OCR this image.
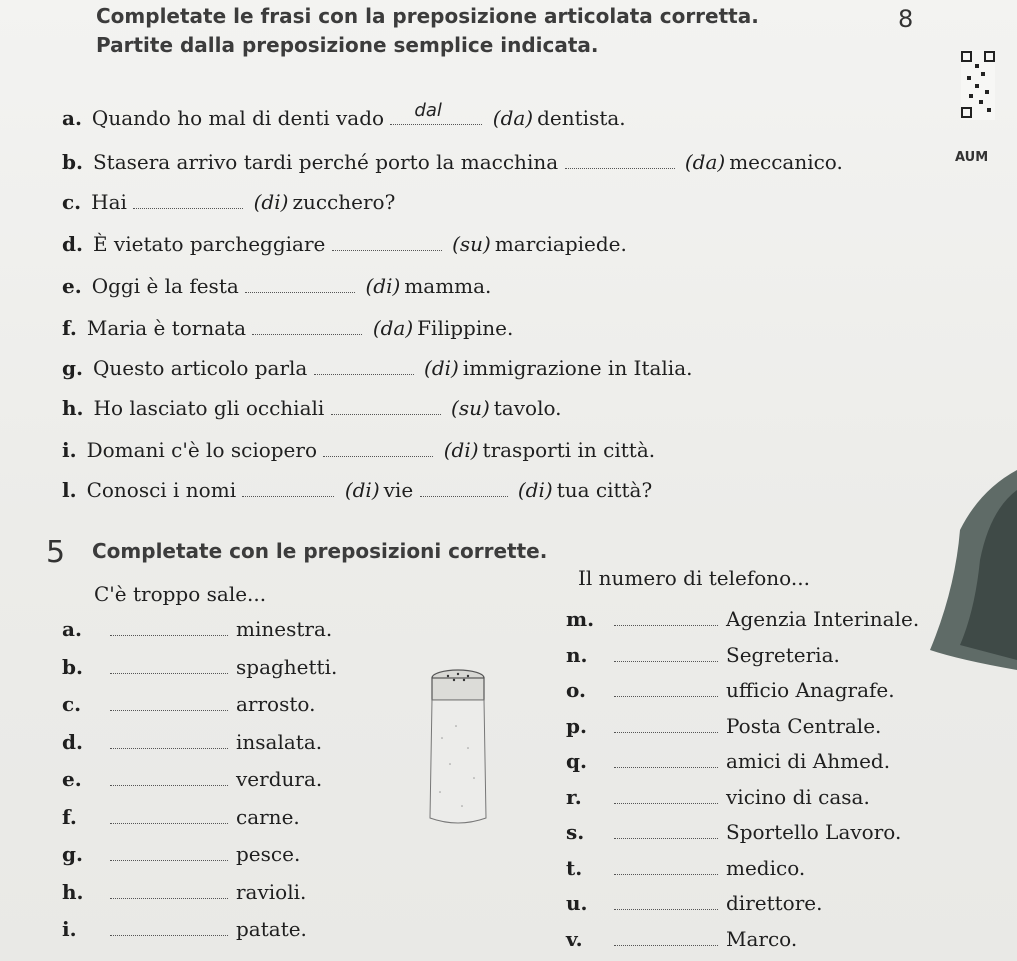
8
Completate le frasi con la preposizione articolata corretta.
Partite dalla preposizione semplice indicata.
AUM
a. Quando ho mal di denti vado dal	(da) dentista.
b. Stasera arrivo tardi perché porto la macchina	(da) meccanico.
c. Hai	(di) zucchero?
d. È vietato parcheggiare	(su) marciapiede.
e. Oggi è la festa	(di) mamma.
f. Maria è tornata	(da) Filippine.
g. Questo articolo parla	(di) immigrazione in Italia.
h. Ho lasciato gli occhiali	(su) tavolo.
i. Domani c'è lo sciopero	(di) trasporti in città.
l. Conosci i nomi	(di) vie	(di) tua città?
5 Completate con le preposizioni corrette.
C'è troppo sale...
Il numero di telefono...
a.	minestra.
b.	spaghetti.
c.	arrosto.
d.	insalata.
e.	verdura.
f.	carne.
g.	pesce.
h.	ravioli.
i.	patate.
m.	Agenzia Interinale.
n.	Segreteria.
o.	ufficio Anagrafe.
p.	Posta Centrale.
q.	amici di Ahmed.
r.	vicino di casa.
s.	Sportello Lavoro.
t.	medico.
u.	direttore.
v.	Marco.
